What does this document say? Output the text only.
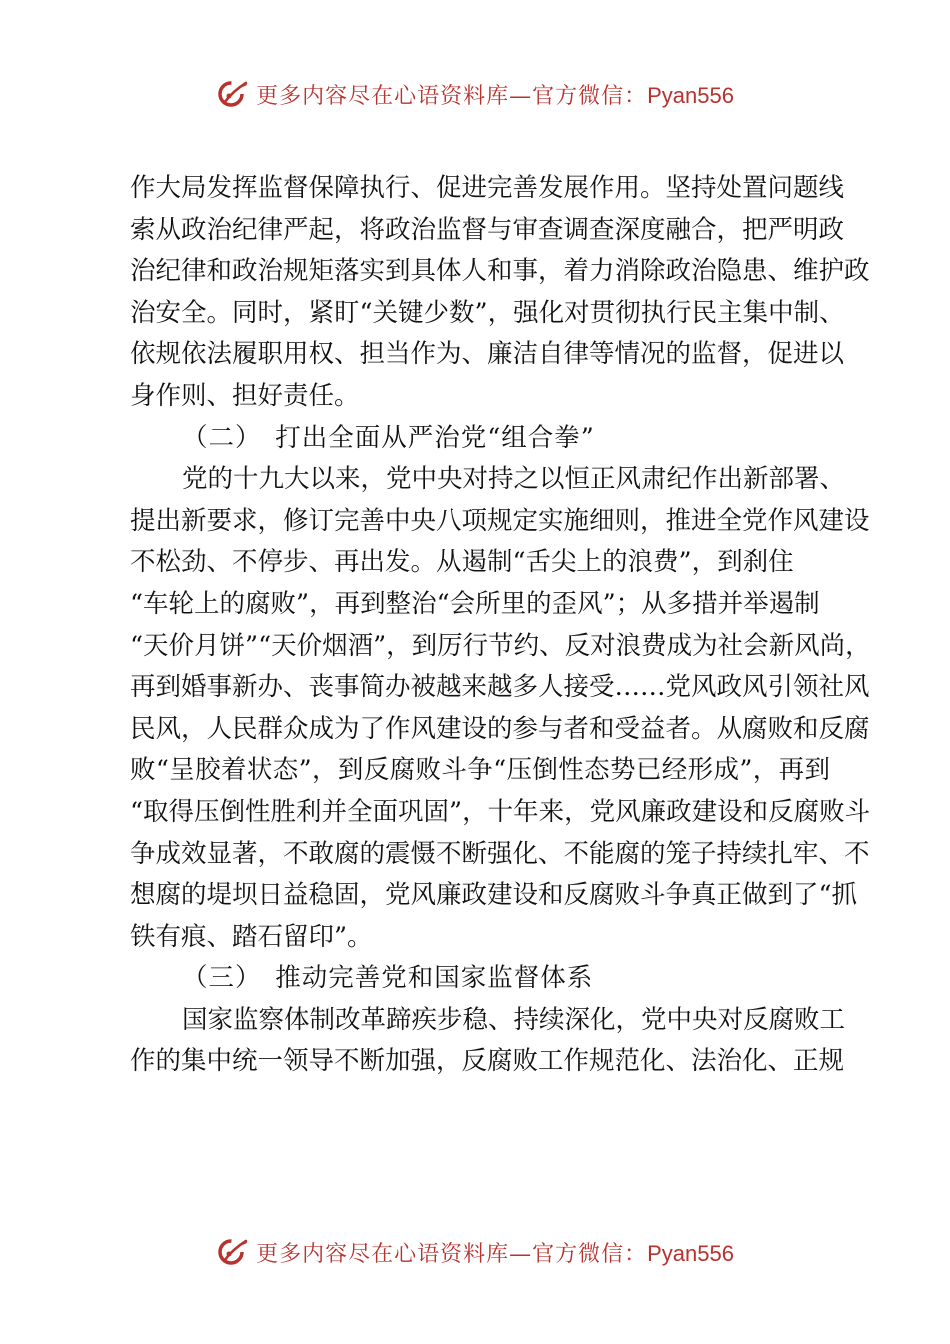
更多内容尽在心语资料库—官方微信：Pyan556
作大局发挥监督保障执行、促进完善发展作用。坚持处置问题线
索从政治纪律严起，将政治监督与审查调查深度融合，把严明政
治纪律和政治规矩落实到具体人和事，着力消除政治隐患、维护政
治安全。同时，紧盯“关键少数”，强化对贯彻执行民主集中制、
依规依法履职用权、担当作为、廉洁自律等情况的监督，促进以
身作则、担好责任。
（二）　打出全面从严治党“组合拳”
党的十九大以来，党中央对持之以恒正风肃纪作出新部署、
提出新要求，修订完善中央八项规定实施细则，推进全党作风建设
不松劲、不停步、再出发。从遏制“舌尖上的浪费”，到刹住
“车轮上的腐败”，再到整治“会所里的歪风”；从多措并举遏制
“天价月饼”“天价烟酒”，到厉行节约、反对浪费成为社会新风尚，
再到婚事新办、丧事简办被越来越多人接受……党风政风引领社风
民风，人民群众成为了作风建设的参与者和受益者。从腐败和反腐
败“呈胶着状态”，到反腐败斗争“压倒性态势已经形成”，再到
“取得压倒性胜利并全面巩固”，十年来，党风廉政建设和反腐败斗
争成效显著，不敢腐的震慑不断强化、不能腐的笼子持续扎牢、不
想腐的堤坝日益稳固，党风廉政建设和反腐败斗争真正做到了“抓
铁有痕、踏石留印”。
（三）　推动完善党和国家监督体系
国家监察体制改革蹄疾步稳、持续深化，党中央对反腐败工
作的集中统一领导不断加强，反腐败工作规范化、法治化、正规
更多内容尽在心语资料库—官方微信：Pyan556
